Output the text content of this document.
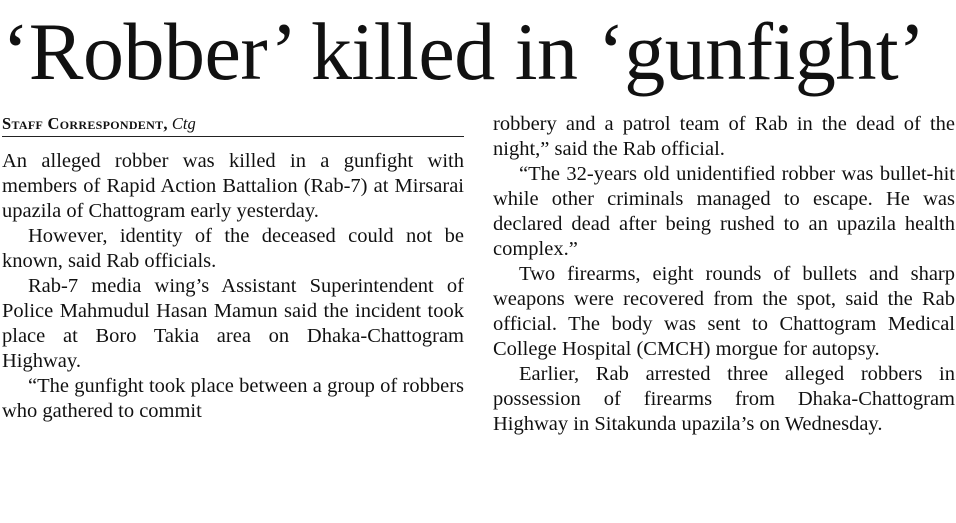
‘Robber’ killed in ‘gunfight’
Staff Correspondent, Ctg

An alleged robber was killed in a gunfight with members of Rapid Action Battalion (Rab-7) at Mirsarai upazila of Chattogram early yesterday.

However, identity of the deceased could not be known, said Rab officials.

Rab-7 media wing’s Assistant Superintendent of Police Mahmudul Hasan Mamun said the incident took place at Boro Takia area on Dhaka-Chattogram Highway.

“The gunfight took place between a group of robbers who gathered to commit

robbery and a patrol team of Rab in the dead of the night,” said the Rab official.

“The 32-years old unidentified robber was bullet-hit while other criminals managed to escape. He was declared dead after being rushed to an upazila health complex.”

Two firearms, eight rounds of bullets and sharp weapons were recovered from the spot, said the Rab official. The body was sent to Chattogram Medical College Hospital (CMCH) morgue for autopsy.

Earlier, Rab arrested three alleged robbers in possession of firearms from Dhaka-Chattogram Highway in Sitakunda upazila’s on Wednesday.
